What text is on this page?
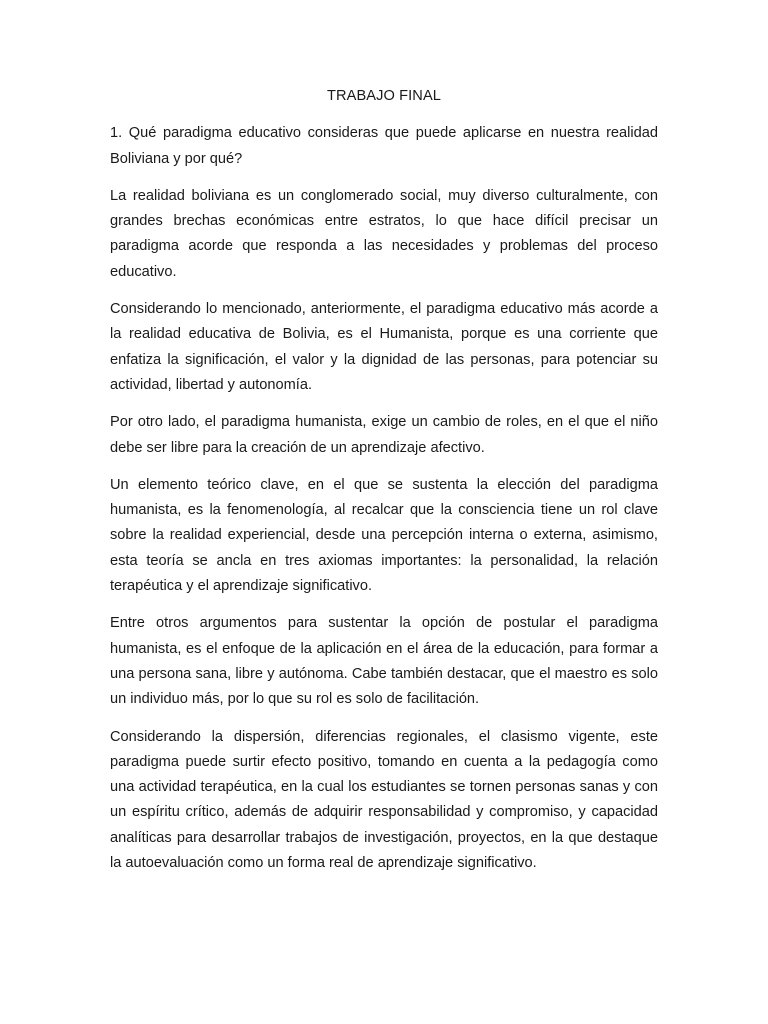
TRABAJO FINAL

1. Qué paradigma educativo consideras que puede aplicarse en nuestra realidad Boliviana y por qué?

La realidad boliviana es un conglomerado social, muy diverso culturalmente, con grandes brechas económicas entre estratos, lo que hace difícil precisar un paradigma acorde que responda a las necesidades y problemas del proceso educativo.

Considerando lo mencionado, anteriormente, el paradigma educativo más acorde a la realidad educativa de Bolivia, es el Humanista, porque es una corriente que enfatiza la significación, el valor y la dignidad de las personas, para potenciar su actividad, libertad y autonomía.

Por otro lado, el paradigma humanista, exige un cambio de roles, en el que el niño debe ser libre para la creación de un aprendizaje afectivo.

Un elemento teórico clave, en el que se sustenta la elección del paradigma humanista, es la fenomenología, al recalcar que la consciencia tiene un rol clave sobre la realidad experiencial, desde una percepción interna o externa, asimismo, esta teoría se ancla en tres axiomas importantes: la personalidad, la relación terapéutica y el aprendizaje significativo.

Entre otros argumentos para sustentar la opción de postular el paradigma humanista, es el enfoque de la aplicación en el área de la educación, para formar a una persona sana, libre y autónoma. Cabe también destacar, que el maestro es solo un individuo más, por lo que su rol es solo de facilitación.

Considerando la dispersión, diferencias regionales, el clasismo vigente, este paradigma puede surtir efecto positivo, tomando en cuenta a la pedagogía como una actividad terapéutica, en la cual los estudiantes se tornen personas sanas y con un espíritu crítico, además de adquirir responsabilidad y compromiso, y capacidad analíticas para desarrollar trabajos de investigación, proyectos, en la que destaque la autoevaluación como un forma real de aprendizaje significativo.
